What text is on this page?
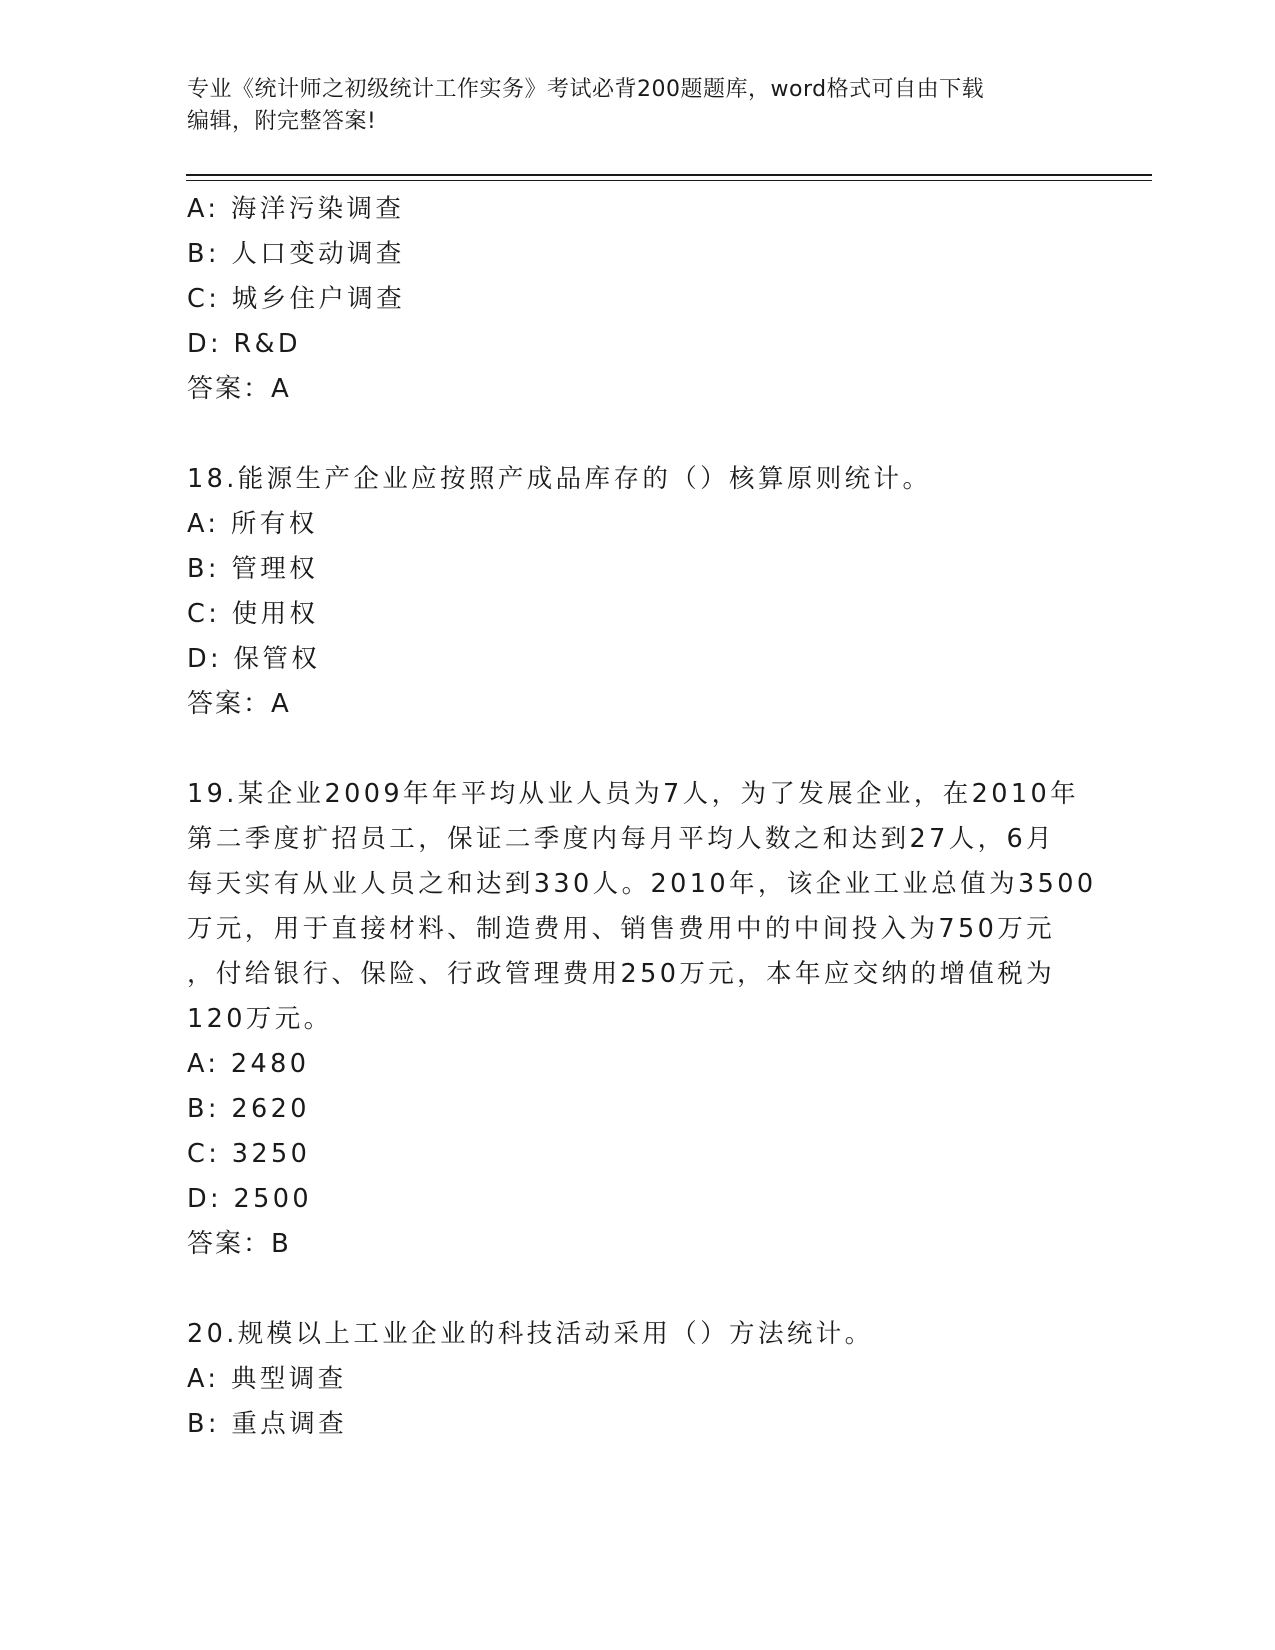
专业《统计师之初级统计工作实务》考试必背200题题库，word格式可自由下载
编辑，附完整答案!
A: 海洋污染调查
B: 人口变动调查
C: 城乡住户调查
D: R&D
答案：A
18.能源生产企业应按照产成品库存的（）核算原则统计。
A: 所有权
B: 管理权
C: 使用权
D: 保管权
答案：A
19.某企业2009年年平均从业人员为7人，为了发展企业，在2010年
第二季度扩招员工，保证二季度内每月平均人数之和达到27人，6月
每天实有从业人员之和达到330人。2010年，该企业工业总值为3500
万元，用于直接材料、制造费用、销售费用中的中间投入为750万元
，付给银行、保险、行政管理费用250万元，本年应交纳的增值税为
120万元。
A: 2480
B: 2620
C: 3250
D: 2500
答案：B
20.规模以上工业企业的科技活动采用（）方法统计。
A: 典型调查
B: 重点调查
